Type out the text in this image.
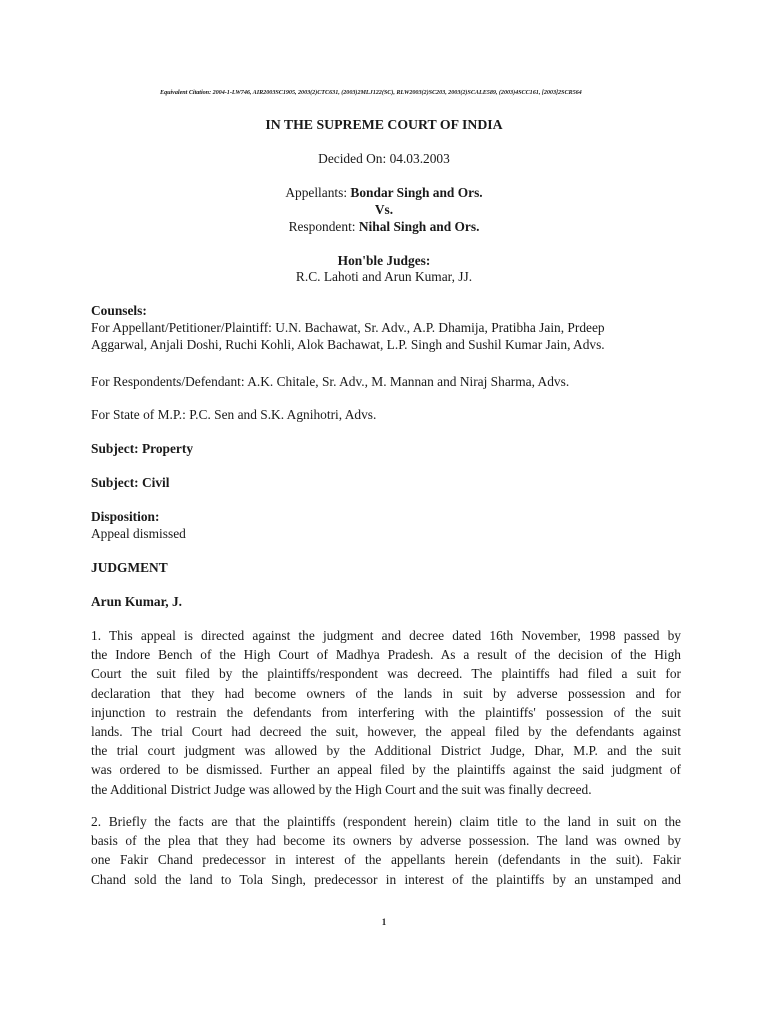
Equivalent Citation: 2004-1-LW746, AIR2003SC1905, 2003(2)CTC631, (2003)2MLJ122(SC), RLW2003(2)SC203, 2003(2)SCALE589, (2003)4SCC161, [2003]2SCR564
IN THE SUPREME COURT OF INDIA
Decided On: 04.03.2003
Appellants: Bondar Singh and Ors.
Vs.
Respondent: Nihal Singh and Ors.
Hon'ble Judges:
R.C. Lahoti and Arun Kumar, JJ.
Counsels:
For Appellant/Petitioner/Plaintiff: U.N. Bachawat, Sr. Adv., A.P. Dhamija, Pratibha Jain, Prdeep
Aggarwal, Anjali Doshi, Ruchi Kohli, Alok Bachawat, L.P. Singh and Sushil Kumar Jain, Advs.
For Respondents/Defendant: A.K. Chitale, Sr. Adv., M. Mannan and Niraj Sharma, Advs.
For State of M.P.: P.C. Sen and S.K. Agnihotri, Advs.
Subject: Property
Subject: Civil
Disposition:
Appeal dismissed
JUDGMENT
Arun Kumar, J.
1. This appeal is directed against the judgment and decree dated 16th November, 1998 passed by
the Indore Bench of the High Court of Madhya Pradesh. As a result of the decision of the High
Court the suit filed by the plaintiffs/respondent was decreed. The plaintiffs had filed a suit for
declaration that they had become owners of the lands in suit by adverse possession and for
injunction to restrain the defendants from interfering with the plaintiffs' possession of the suit
lands. The trial Court had decreed the suit, however, the appeal filed by the defendants against
the trial court judgment was allowed by the Additional District Judge, Dhar, M.P. and the suit
was ordered to be dismissed. Further an appeal filed by the plaintiffs against the said judgment of
the Additional District Judge was allowed by the High Court and the suit was finally decreed.
2. Briefly the facts are that the plaintiffs (respondent herein) claim title to the land in suit on the
basis of the plea that they had become its owners by adverse possession. The land was owned by
one Fakir Chand predecessor in interest of the appellants herein (defendants in the suit). Fakir
Chand sold the land to Tola Singh, predecessor in interest of the plaintiffs by an unstamped and
1
